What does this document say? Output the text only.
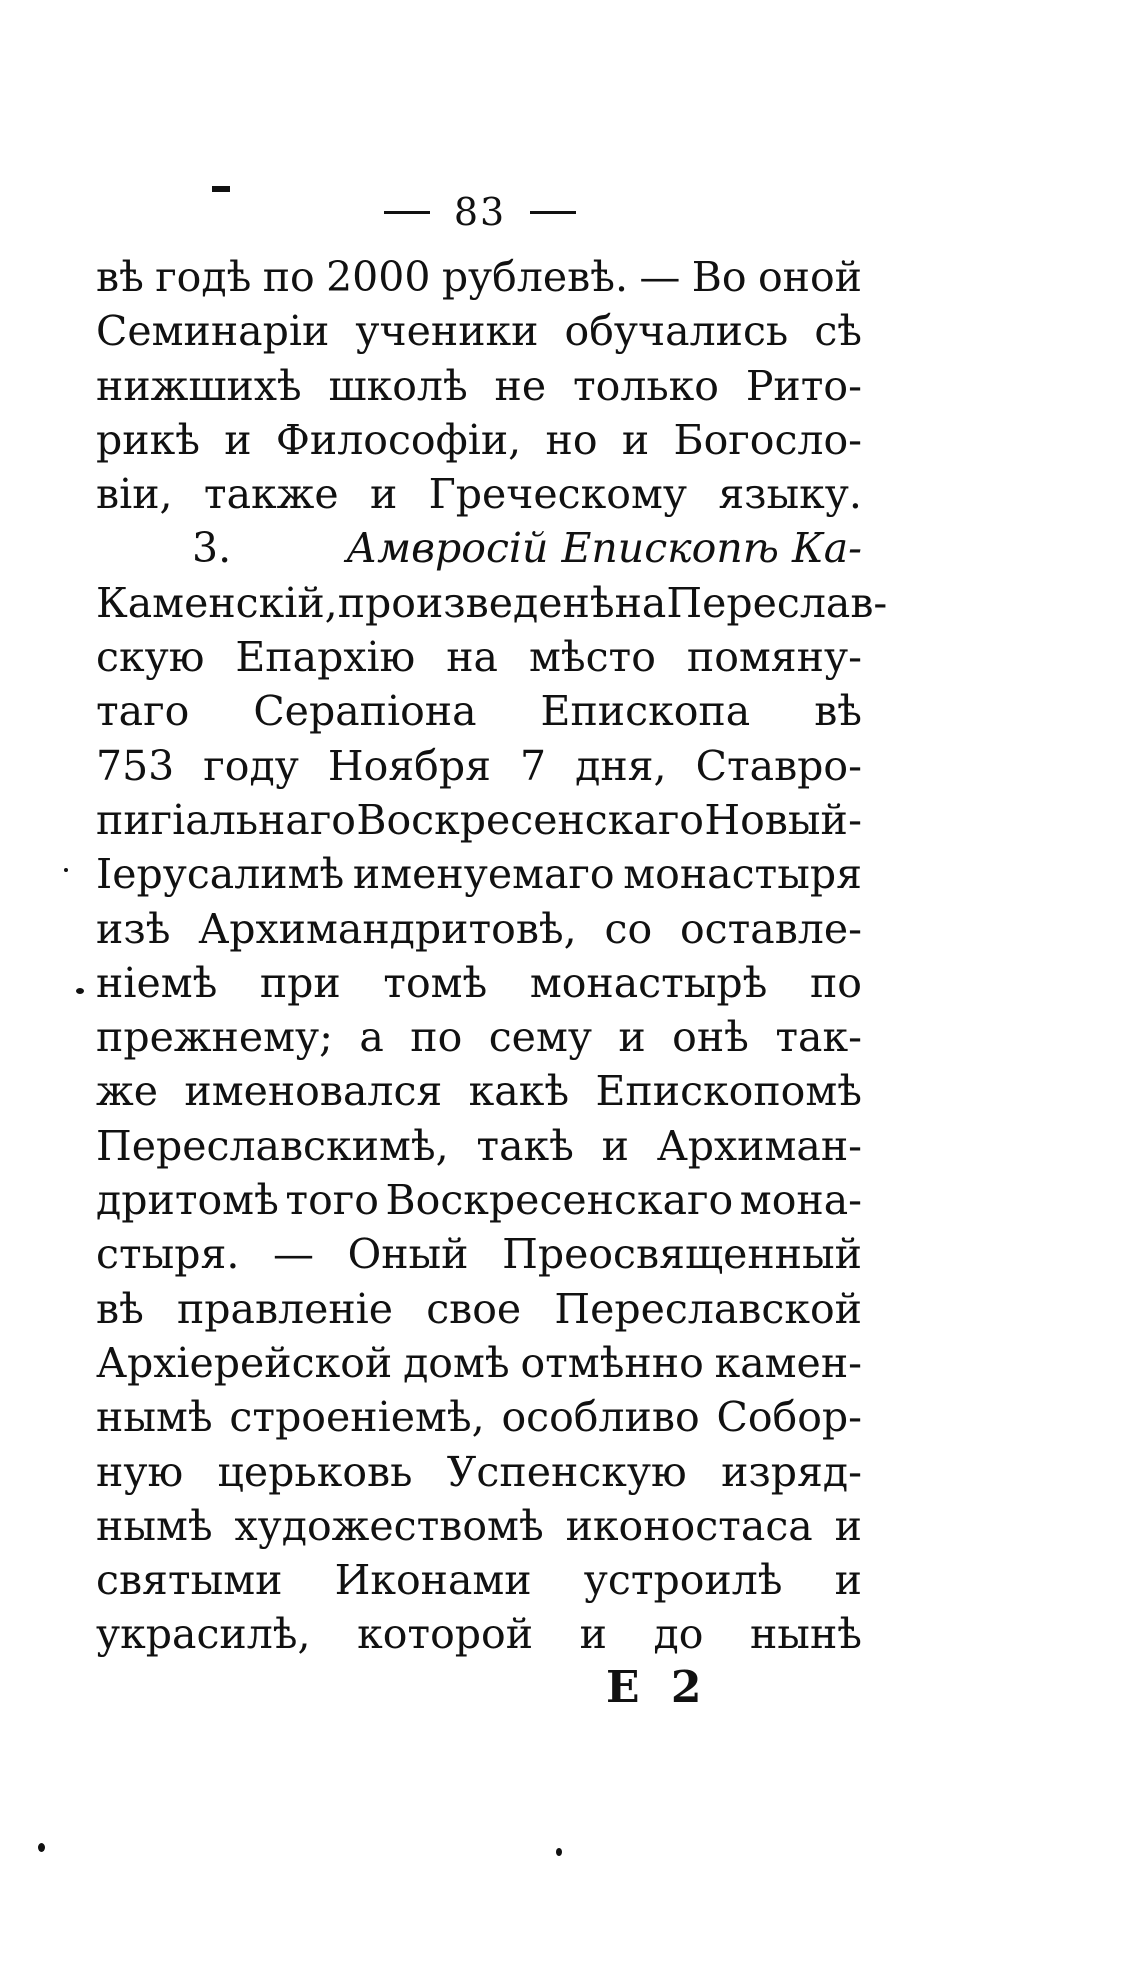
83
вѣ годѣ по 2000 рублевѣ. — Во оной
Семинаріи ученики обучались сѣ
нижшихѣ школѣ не только Рито-
рикѣ и Философіи, но и Богосло-
віи, также и Греческому языку.
3.	Амвросій Епископѣ Ка-
Каменскій, произведенѣ на Переслав-
скую Епархію на мѣсто помяну-
таго Серапіона Епископа вѣ
753 году Ноября 7 дня, Ставро-
пигіальнаго Воскресенскаго Новый -
Іерусалимѣ именуемаго монастыря
изѣ Архимандритовѣ, со оставле-
ніемѣ при томѣ монастырѣ по
прежнему; а по сему и онѣ так-
же именовался какѣ Епископомѣ
Переславскимѣ, такѣ и Архиман-
дритомѣ того Воскресенскаго мона-
стыря. — Оный Преосвященный
вѣ правленіе свое Переславской
Архіерейской домѣ отмѣнно камен-
нымѣ строеніемѣ, особливо Собор-
ную церьковь Успенскую изряд-
нымѣ художествомѣ иконостаса и
святыми Иконами устроилѣ и
украсилѣ, которой и до нынѣ
E 2
